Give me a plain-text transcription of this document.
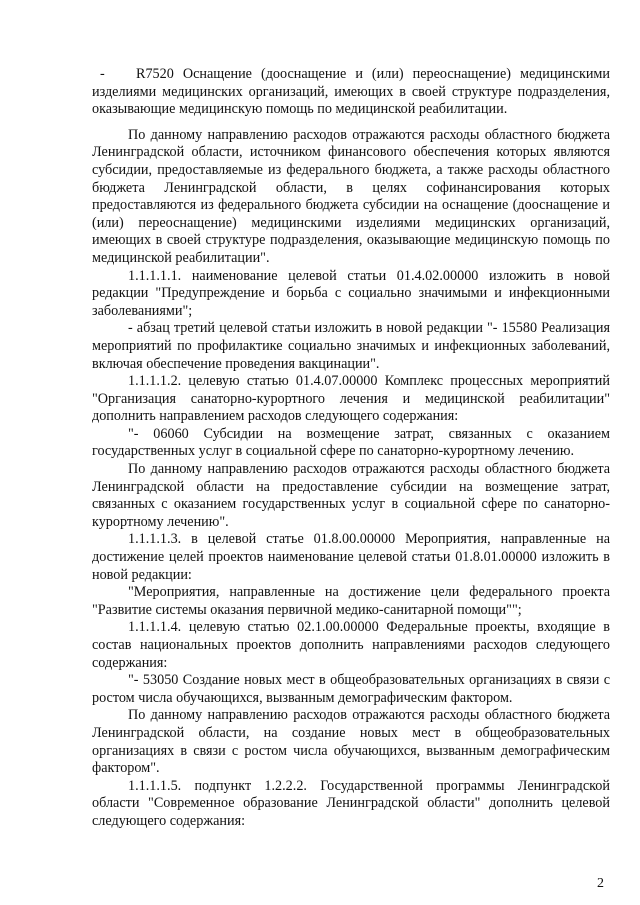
- R7520 Оснащение (дооснащение и (или) переоснащение) медицинскими изделиями медицинских организаций, имеющих в своей структуре подразделения, оказывающие медицинскую помощь по медицинской реабилитации.

По данному направлению расходов отражаются расходы областного бюджета Ленинградской области, источником финансового обеспечения которых являются субсидии, предоставляемые из федерального бюджета, а также расходы областного бюджета Ленинградской области, в целях софинансирования которых предоставляются из федерального бюджета субсидии на оснащение (дооснащение и (или) переоснащение) медицинскими изделиями медицинских организаций, имеющих в своей структуре подразделения, оказывающие медицинскую помощь по медицинской реабилитации".

1.1.1.1.1. наименование целевой статьи 01.4.02.00000 изложить в новой редакции "Предупреждение и борьба с социально значимыми и инфекционными заболеваниями";

- абзац третий целевой статьи изложить в новой редакции "- 15580 Реализация мероприятий по профилактике социально значимых и инфекционных заболеваний, включая обеспечение проведения вакцинации".

1.1.1.1.2. целевую статью 01.4.07.00000 Комплекс процессных мероприятий "Организация санаторно-курортного лечения и медицинской реабилитации" дополнить направлением расходов следующего содержания:

"- 06060 Субсидии на возмещение затрат, связанных с оказанием государственных услуг в социальной сфере по санаторно-курортному лечению.

По данному направлению расходов отражаются расходы областного бюджета Ленинградской области на предоставление субсидии на возмещение затрат, связанных с оказанием государственных услуг в социальной сфере по санаторно-курортному лечению".

1.1.1.1.3. в целевой статье 01.8.00.00000 Мероприятия, направленные на достижение целей проектов наименование целевой статьи 01.8.01.00000 изложить в новой редакции:

"Мероприятия, направленные на достижение цели федерального проекта "Развитие системы оказания первичной медико-санитарной помощи"";

1.1.1.1.4. целевую статью 02.1.00.00000 Федеральные проекты, входящие в состав национальных проектов дополнить направлениями расходов следующего содержания:

"- 53050 Создание новых мест в общеобразовательных организациях в связи с ростом числа обучающихся, вызванным демографическим фактором.

По данному направлению расходов отражаются расходы областного бюджета Ленинградской области, на создание новых мест в общеобразовательных организациях в связи с ростом числа обучающихся, вызванным демографическим фактором".

1.1.1.1.5. подпункт 1.2.2.2. Государственной программы Ленинградской области "Современное образование Ленинградской области" дополнить целевой следующего содержания:

2
